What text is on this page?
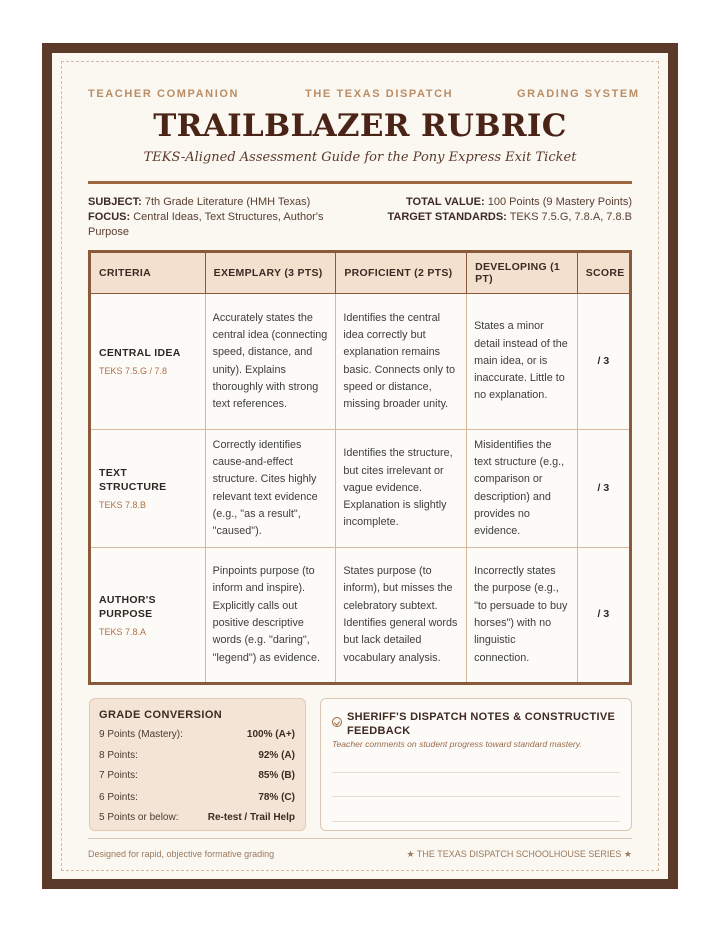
TEACHER COMPANION	THE TEXAS DISPATCH	GRADING SYSTEM
TRAILBLAZER RUBRIC
TEKS-Aligned Assessment Guide for the Pony Express Exit Ticket
SUBJECT: 7th Grade Literature (HMH Texas)
FOCUS: Central Ideas, Text Structures, Author's Purpose
TOTAL VALUE: 100 Points (9 Mastery Points)
TARGET STANDARDS: TEKS 7.5.G, 7.8.A, 7.8.B
CRITERIA	EXEMPLARY (3 PTS)	PROFICIENT (2 PTS)	DEVELOPING (1 PT)	SCORE

CENTRAL IDEA
TEKS 7.5.G / 7.8	Accurately states the central idea (connecting speed, distance, and unity). Explains thoroughly with strong text references.	Identifies the central idea correctly but explanation remains basic. Connects only to speed or distance, missing broader unity.	States a minor detail instead of the main idea, or is inaccurate. Little to no explanation.	/ 3

TEXT STRUCTURE
TEKS 7.8.B	Correctly identifies cause-and-effect structure. Cites highly relevant text evidence (e.g., "as a result", "caused").	Identifies the structure, but cites irrelevant or vague evidence. Explanation is slightly incomplete.	Misidentifies the text structure (e.g., comparison or description) and provides no evidence.	/ 3

AUTHOR'S PURPOSE
TEKS 7.8.A	Pinpoints purpose (to inform and inspire). Explicitly calls out positive descriptive words (e.g. "daring", "legend") as evidence.	States purpose (to inform), but misses the celebratory subtext. Identifies general words but lack detailed vocabulary analysis.	Incorrectly states the purpose (e.g., "to persuade to buy horses") with no linguistic connection.	/ 3
GRADE CONVERSION
9 Points (Mastery):	100% (A+)
8 Points:	92% (A)
7 Points:	85% (B)
6 Points:	78% (C)
5 Points or below:	Re-test / Trail Help
SHERIFF'S DISPATCH NOTES & CONSTRUCTIVE FEEDBACK
Teacher comments on student progress toward standard mastery.
Designed for rapid, objective formative grading	★ THE TEXAS DISPATCH SCHOOLHOUSE SERIES ★
